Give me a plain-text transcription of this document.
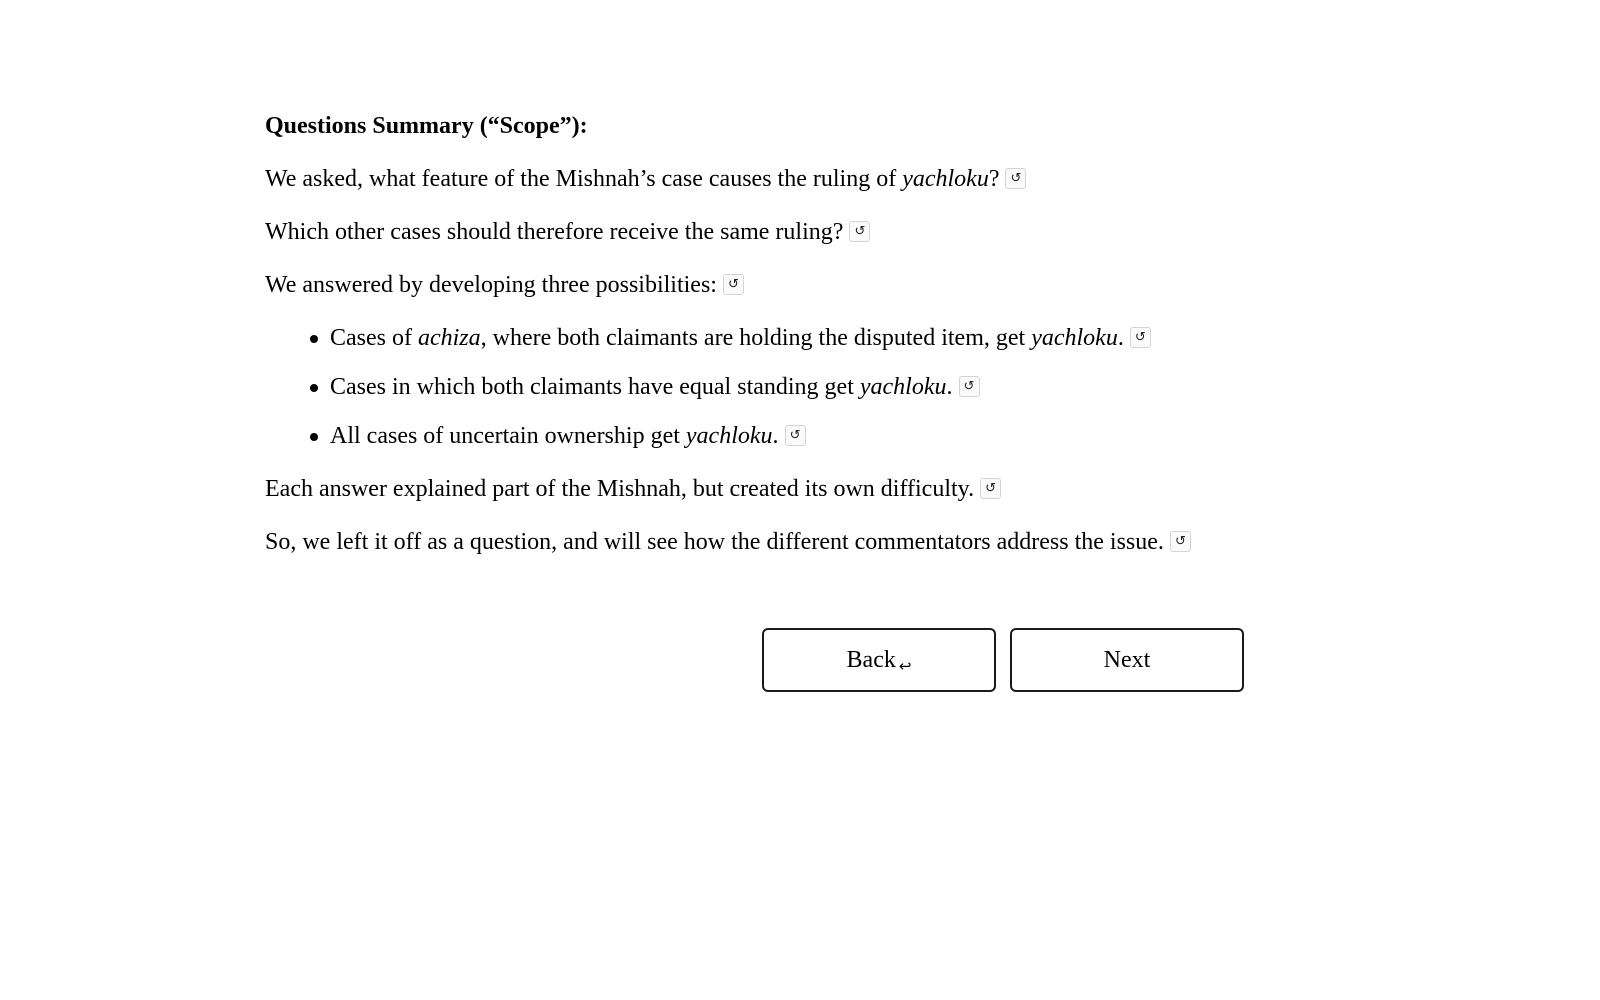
Questions Summary (“Scope”):
We asked, what feature of the Mishnah’s case causes the ruling of yachloku? ↺
Which other cases should therefore receive the same ruling? ↺
We answered by developing three possibilities: ↺
Cases of achiza, where both claimants are holding the disputed item, get yachloku. ↺
Cases in which both claimants have equal standing get yachloku. ↺
All cases of uncertain ownership get yachloku. ↺
Each answer explained part of the Mishnah, but created its own difficulty. ↺
So, we left it off as a question, and will see how the different commentators address the issue. ↺
Back ↩	Next
